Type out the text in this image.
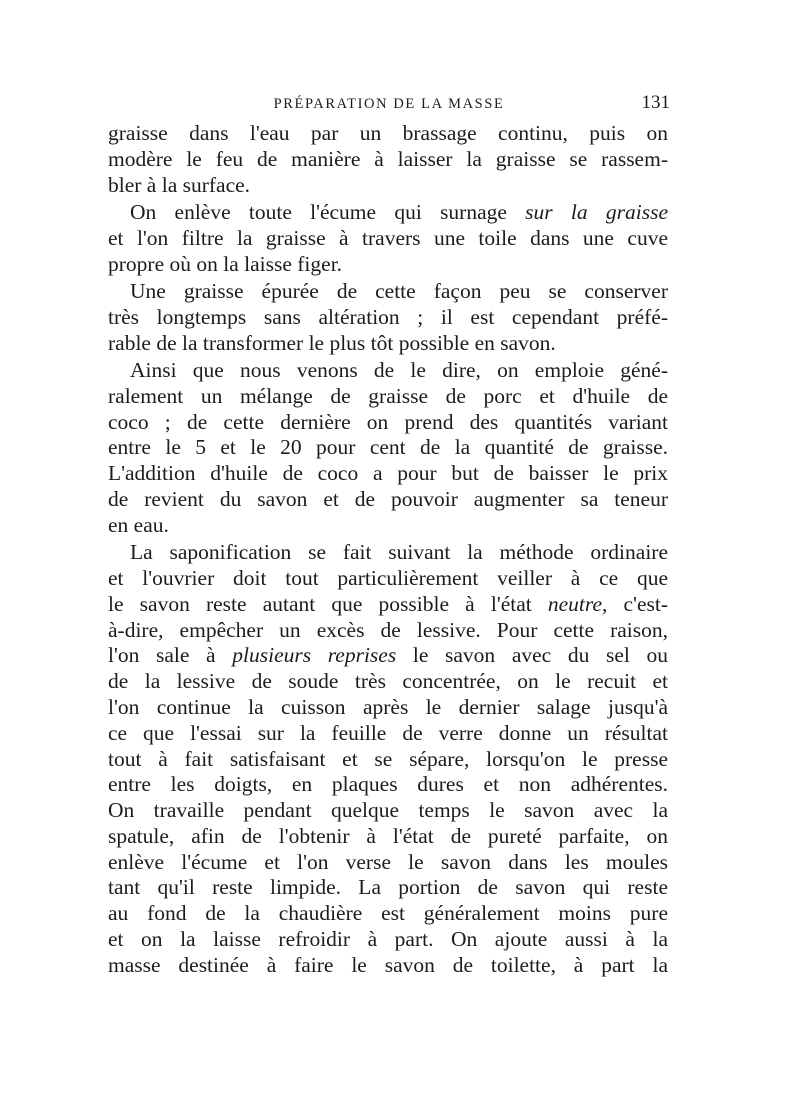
PRÉPARATION DE LA MASSE	131
graisse dans l'eau par un brassage continu, puis on
modère le feu de manière à laisser la graisse se rassem-
bler à la surface.
On enlève toute l'écume qui surnage sur la graisse
et l'on filtre la graisse à travers une toile dans une cuve
propre où on la laisse figer.
Une graisse épurée de cette façon peu se conserver
très longtemps sans altération ; il est cependant préfé-
rable de la transformer le plus tôt possible en savon.
Ainsi que nous venons de le dire, on emploie géné-
ralement un mélange de graisse de porc et d'huile de
coco ; de cette dernière on prend des quantités variant
entre le 5 et le 20 pour cent de la quantité de graisse.
L'addition d'huile de coco a pour but de baisser le prix
de revient du savon et de pouvoir augmenter sa teneur
en eau.
La saponification se fait suivant la méthode ordinaire
et l'ouvrier doit tout particulièrement veiller à ce que
le savon reste autant que possible à l'état neutre, c'est-
à-dire, empêcher un excès de lessive. Pour cette raison,
l'on sale à plusieurs reprises le savon avec du sel ou
de la lessive de soude très concentrée, on le recuit et
l'on continue la cuisson après le dernier salage jusqu'à
ce que l'essai sur la feuille de verre donne un résultat
tout à fait satisfaisant et se sépare, lorsqu'on le presse
entre les doigts, en plaques dures et non adhérentes.
On travaille pendant quelque temps le savon avec la
spatule, afin de l'obtenir à l'état de pureté parfaite, on
enlève l'écume et l'on verse le savon dans les moules
tant qu'il reste limpide. La portion de savon qui reste
au fond de la chaudière est généralement moins pure
et on la laisse refroidir à part. On ajoute aussi à la
masse destinée à faire le savon de toilette, à part la
